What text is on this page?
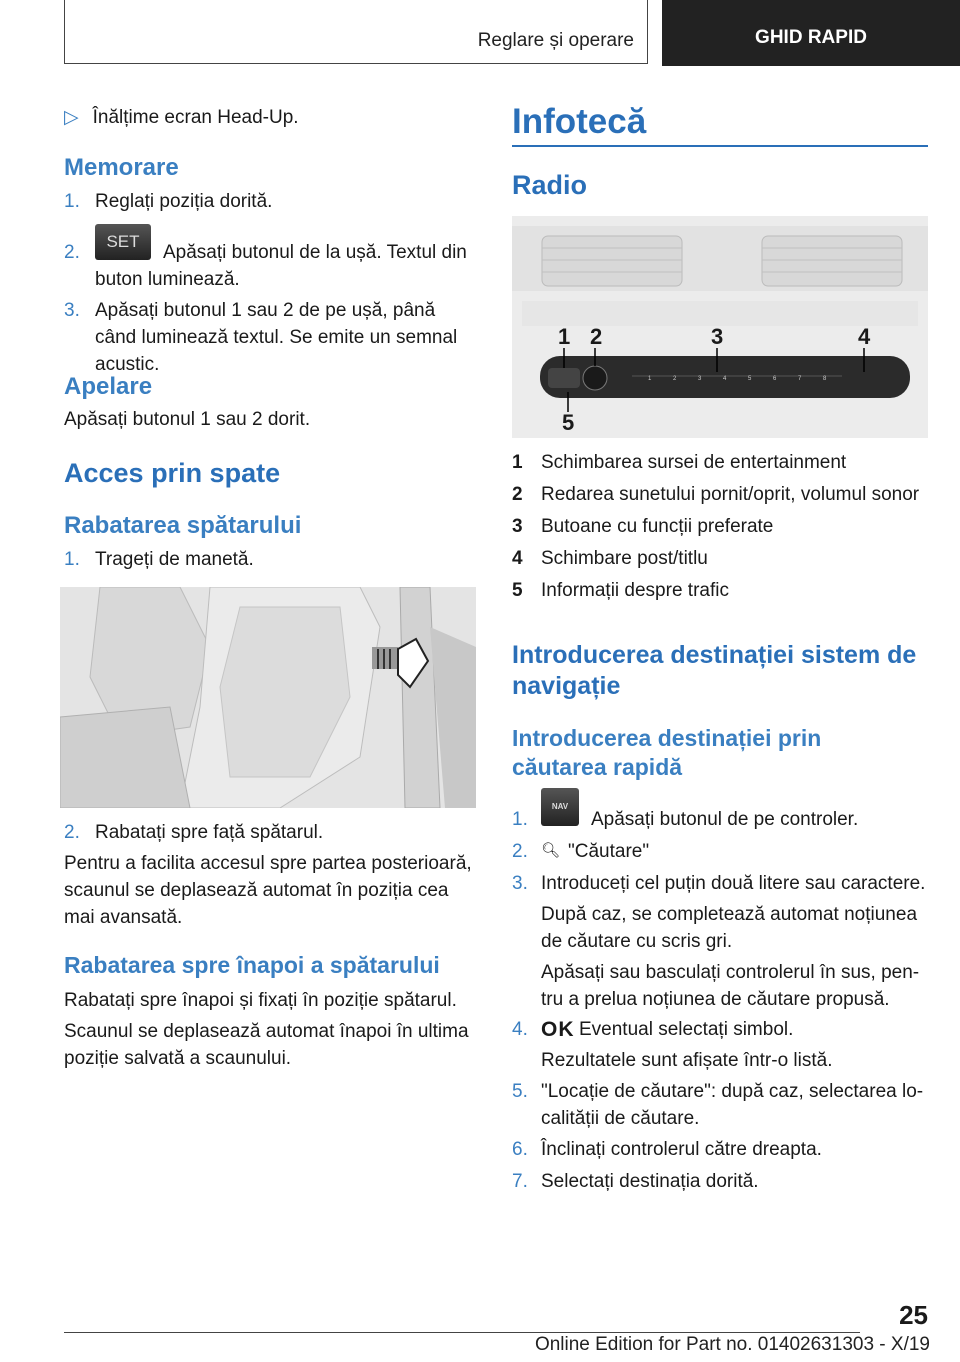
Reglare și operare	GHID RAPID
▷ Înălțime ecran Head-Up.
Memorare
1. Reglați poziția dorită.
2.
SET
Apăsați butonul de la ușă. Textul din buton luminează.
3. Apăsați butonul 1 sau 2 de pe ușă, până când luminează textul. Se emite un semnal acustic.
Apelare
Apăsați butonul 1 sau 2 dorit.
Acces prin spate
Rabatarea spătarului
1. Trageți de manetă.
2. Rabatați spre față spătarul.
Pentru a facilita accesul spre partea posterioară, scaunul se deplasează automat în poziția cea mai avansată.
Rabatarea spre înapoi a spătarului
Rabatați spre înapoi și fixați în poziție spătarul.
Scaunul se deplasează automat înapoi în ultima poziție salvată a scaunului.
Infotecă
Radio
1	2	3	4	5	6	7	8
1 2	3	4
5
1 Schimbarea sursei de entertainment
2 Redarea sunetului pornit/oprit, volumul sonor
3 Butoane cu funcții preferate
4 Schimbare post/titlu
5 Informații despre trafic
Introducerea destinației sistem de navigație
Introducerea destinației prin căutarea rapidă
1.
NAV
Apăsați butonul de pe controler.
2. 🔍︎ "Căutare"
3. Introduceți cel puțin două litere sau caractere.
După caz, se completează automat noțiunea de căutare cu scris gri.
Apăsați sau basculați controlerul în sus, pen- tru a prelua noțiunea de căutare propusă.
4. OK Eventual selectați simbol.
Rezultatele sunt afișate într-o listă.
5. "Locație de căutare": după caz, selectarea lo- calității de căutare.
6. Înclinați controlerul către dreapta.
7. Selectați destinația dorită.
25
Online Edition for Part no. 01402631303 - X/19
